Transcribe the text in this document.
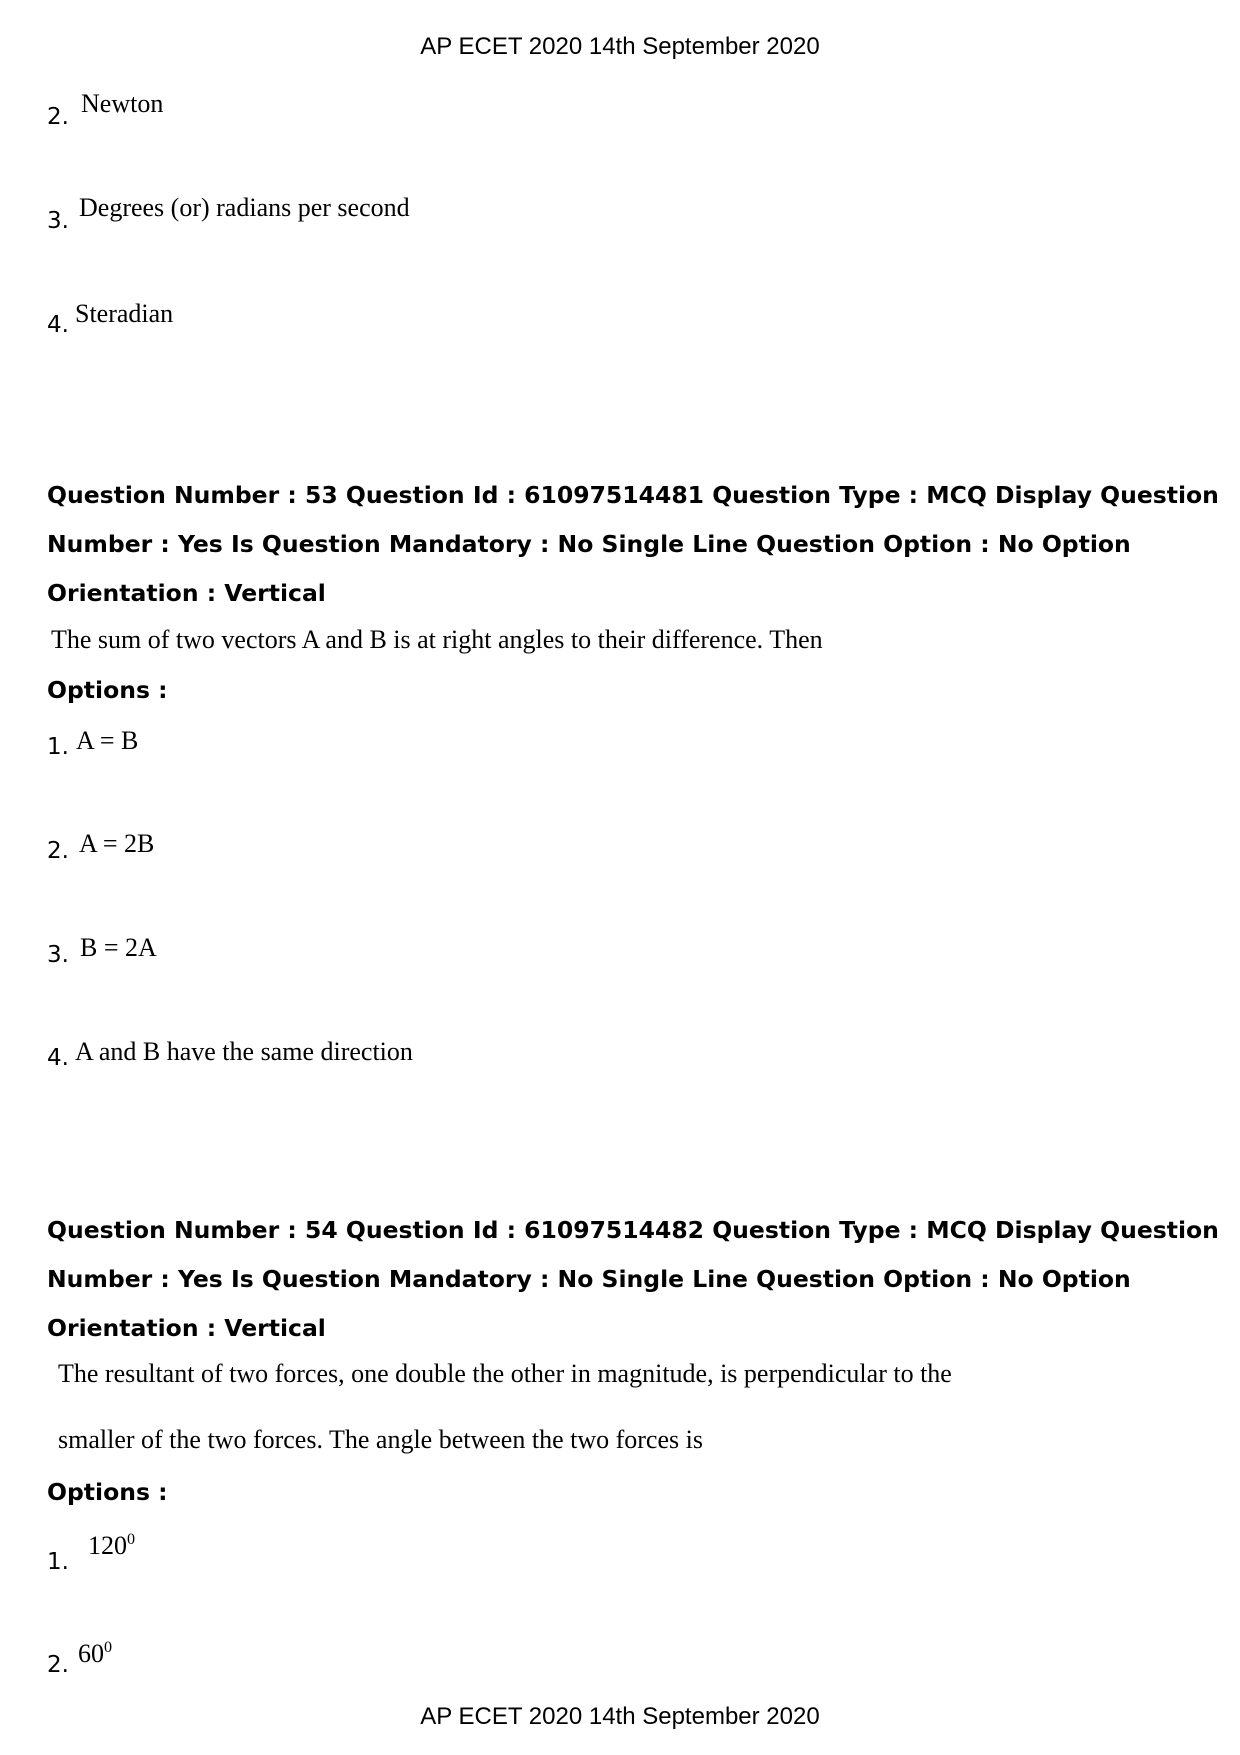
AP ECET 2020 14th September 2020
2. Newton
3. Degrees (or) radians per second
4. Steradian
Question Number : 53 Question Id : 61097514481 Question Type : MCQ Display Question
Number : Yes Is Question Mandatory : No Single Line Question Option : No Option
Orientation : Vertical
The sum of two vectors A and B is at right angles to their difference. Then
Options :
1. A = B
2. A = 2B
3. B = 2A
4. A and B have the same direction
Question Number : 54 Question Id : 61097514482 Question Type : MCQ Display Question
Number : Yes Is Question Mandatory : No Single Line Question Option : No Option
Orientation : Vertical
The resultant of two forces, one double the other in magnitude, is perpendicular to the
smaller of the two forces. The angle between the two forces is
Options :
1.
$120^0$
2. $60^0$
AP ECET 2020 14th September 2020
